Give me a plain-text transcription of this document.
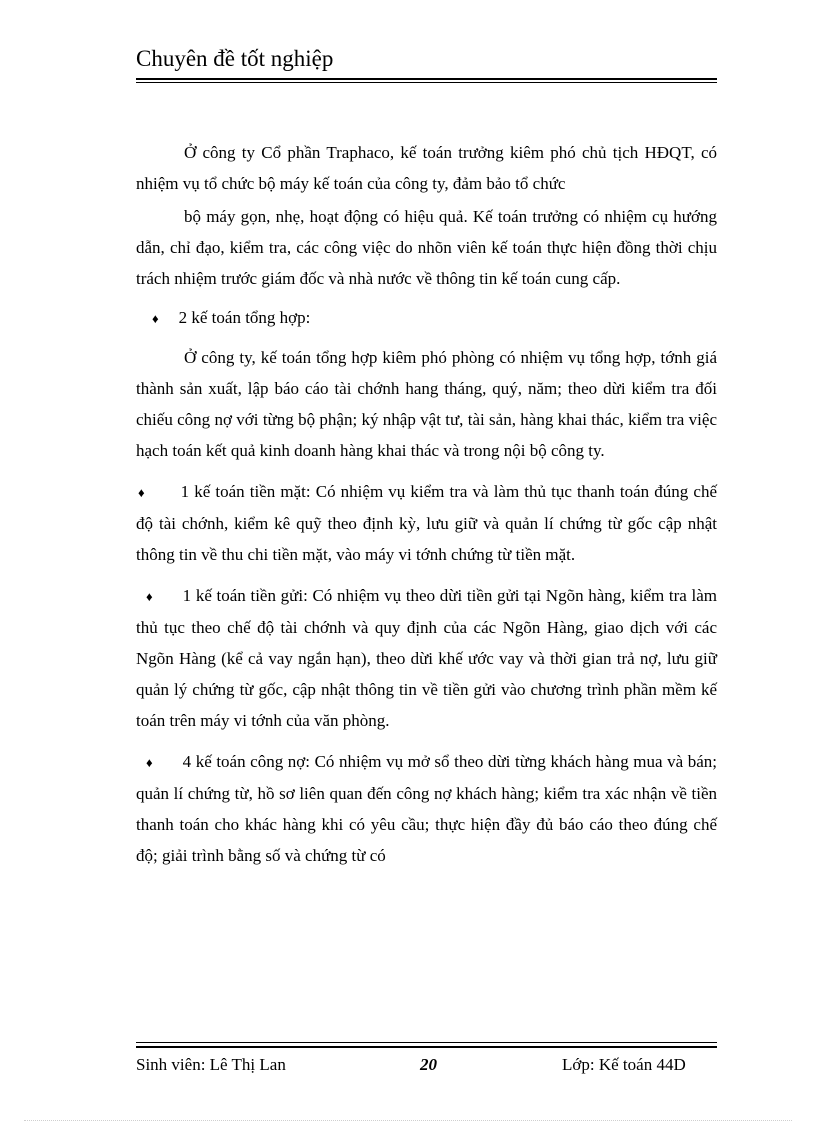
Chuyên đề tốt nghiệp

Ở công ty Cổ phần Traphaco, kế toán trưởng kiêm phó chủ tịch HĐQT, có nhiệm vụ tổ chức bộ máy kế toán của công ty, đảm bảo tổ chức

bộ máy gọn, nhẹ, hoạt động có hiệu quả. Kế toán trưởng có nhiệm cụ hướng dẫn, chỉ đạo, kiểm tra, các công việc do nhõn viên kế toán thực hiện đồng thời chịu trách nhiệm trước giám đốc và nhà nước về thông tin kế toán cung cấp.

♦ 2 kế toán tổng hợp:

Ở công ty, kế toán tổng hợp kiêm phó phòng có nhiệm vụ tổng hợp, tớnh giá thành sản xuất, lập báo cáo tài chớnh hang tháng, quý, năm; theo dừi kiểm tra đối chiếu công nợ với từng bộ phận; ký nhập vật tư, tài sản, hàng khai thác, kiểm tra việc hạch toán kết quả kinh doanh hàng khai thác và trong nội bộ công ty.

♦ 1 kế toán tiền mặt: Có nhiệm vụ kiểm tra và làm thủ tục thanh toán đúng chế độ tài chớnh, kiểm kê quỹ theo định kỳ, lưu giữ và quản lí chứng từ gốc cập nhật thông tin về thu chi tiền mặt, vào máy vi tớnh chứng từ tiền mặt.

♦ 1 kế toán tiền gửi: Có nhiệm vụ theo dừi tiền gửi tại Ngõn hàng, kiểm tra làm thủ tục theo chế độ tài chớnh và quy định của các Ngõn Hàng, giao dịch với các Ngõn Hàng (kể cả vay ngắn hạn), theo dừi khế ước vay và thời gian trả nợ, lưu giữ quản lý chứng từ gốc, cập nhật thông tin về tiền gửi vào chương trình phần mềm kế toán trên máy vi tớnh của văn phòng.

♦ 4 kế toán công nợ: Có nhiệm vụ mở sổ theo dừi từng khách hàng mua và bán; quản lí chứng từ, hồ sơ liên quan đến công nợ khách hàng; kiểm tra xác nhận về tiền thanh toán cho khác hàng khi có yêu cầu; thực hiện đầy đủ báo cáo theo đúng chế độ; giải trình bằng số và chứng từ có

Sinh viên: Lê Thị Lan	20	Lớp: Kế toán 44D
